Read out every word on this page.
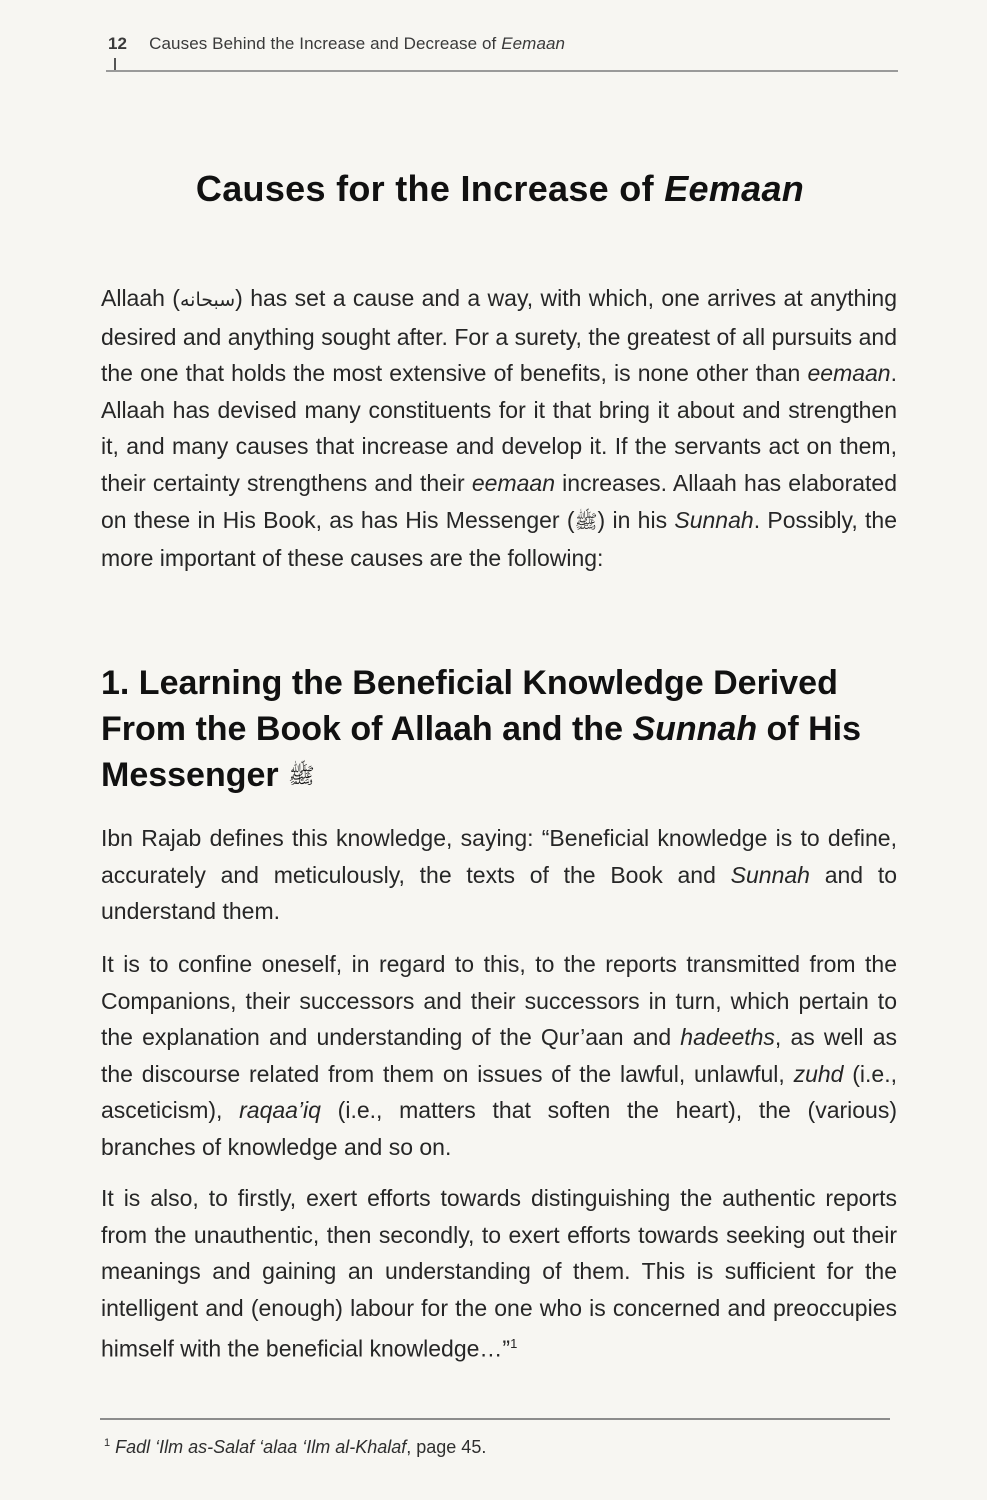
12 Causes Behind the Increase and Decrease of Eemaan
Causes for the Increase of Eemaan

Allaah (سبحانه) has set a cause and a way, with which, one arrives at anything desired and anything sought after. For a surety, the greatest of all pursuits and the one that holds the most extensive of benefits, is none other than eemaan. Allaah has devised many constituents for it that bring it about and strengthen it, and many causes that increase and develop it. If the servants act on them, their certainty strengthens and their eemaan increases. Allaah has elaborated on these in His Book, as has His Messenger (ﷺ) in his Sunnah. Possibly, the more important of these causes are the following:

1. Learning the Beneficial Knowledge Derived From the Book of Allaah and the Sunnah of His Messenger ﷺ

Ibn Rajab defines this knowledge, saying: “Beneficial knowledge is to define, accurately and meticulously, the texts of the Book and Sunnah and to understand them.

It is to confine oneself, in regard to this, to the reports transmitted from the Companions, their successors and their successors in turn, which pertain to the explanation and understanding of the Qur’aan and hadeeths, as well as the discourse related from them on issues of the lawful, unlawful, zuhd (i.e., asceticism), raqaa’iq (i.e., matters that soften the heart), the (various) branches of knowledge and so on.

It is also, to firstly, exert efforts towards distinguishing the authentic reports from the unauthentic, then secondly, to exert efforts towards seeking out their meanings and gaining an understanding of them. This is sufficient for the intelligent and (enough) labour for the one who is concerned and preoccupies himself with the beneficial knowledge…”$^1$

$^1$ Fadl ‘Ilm as-Salaf ‘alaa ‘Ilm al-Khalaf, page 45.
